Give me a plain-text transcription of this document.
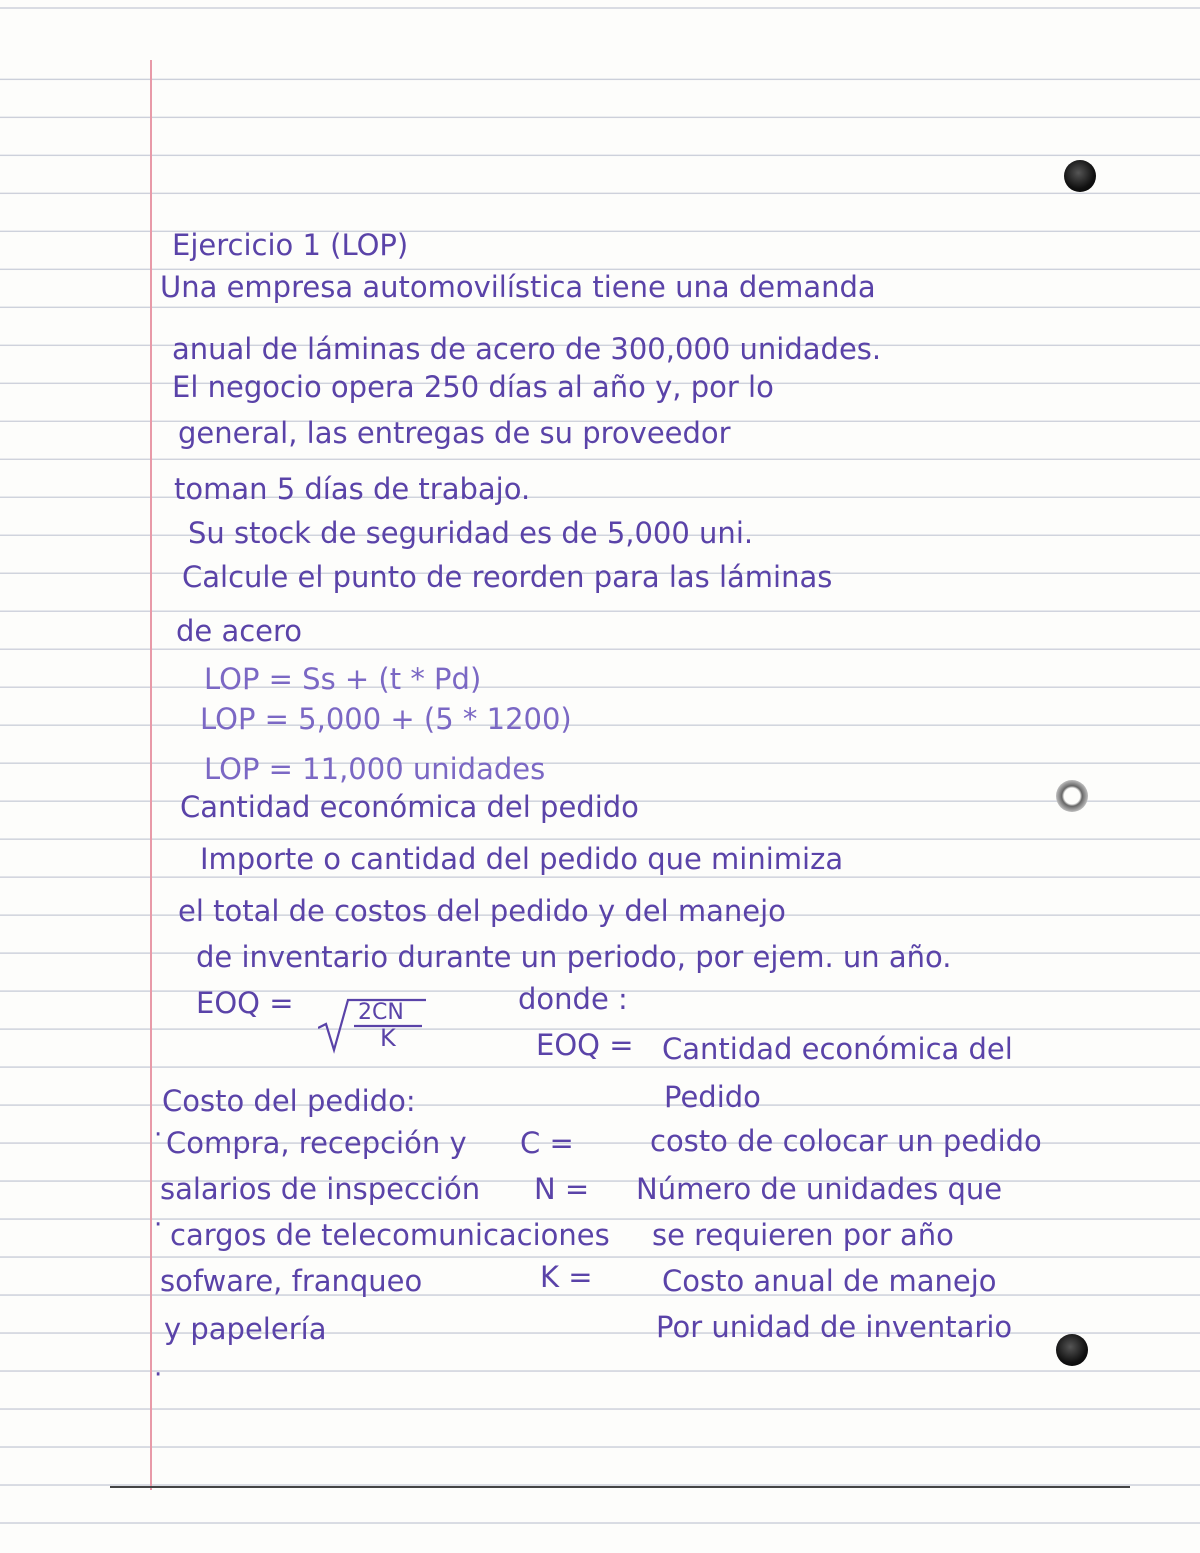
Ejercicio 1 (LOP)
Una empresa automovilística tiene una demanda
anual de láminas de acero de 300,000 unidades.
El negocio opera 250 días al año y, por lo
general, las entregas de su proveedor
toman 5 días de trabajo.
Su stock de seguridad es de 5,000 uni.
Calcule el punto de reorden para las láminas
de acero
LOP = Ss + (t * Pd)
LOP = 5,000 + (5 * 1200)
LOP = 11,000 unidades
Cantidad económica del pedido
Importe o cantidad del pedido que minimiza
el total de costos del pedido y del manejo
de inventario durante un periodo, por ejem. un año.
EOQ =	2CN
K
donde :
EOQ = Cantidad económica del
Pedido
C =	costo de colocar un pedido
N = Número de unidades que
se requieren por año
K = Costo anual de manejo
Por unidad de inventario
Costo del pedido:
· Compra, recepción y
salarios de inspección
· cargos de telecomunicaciones
sofware, franqueo
y papelería
·
